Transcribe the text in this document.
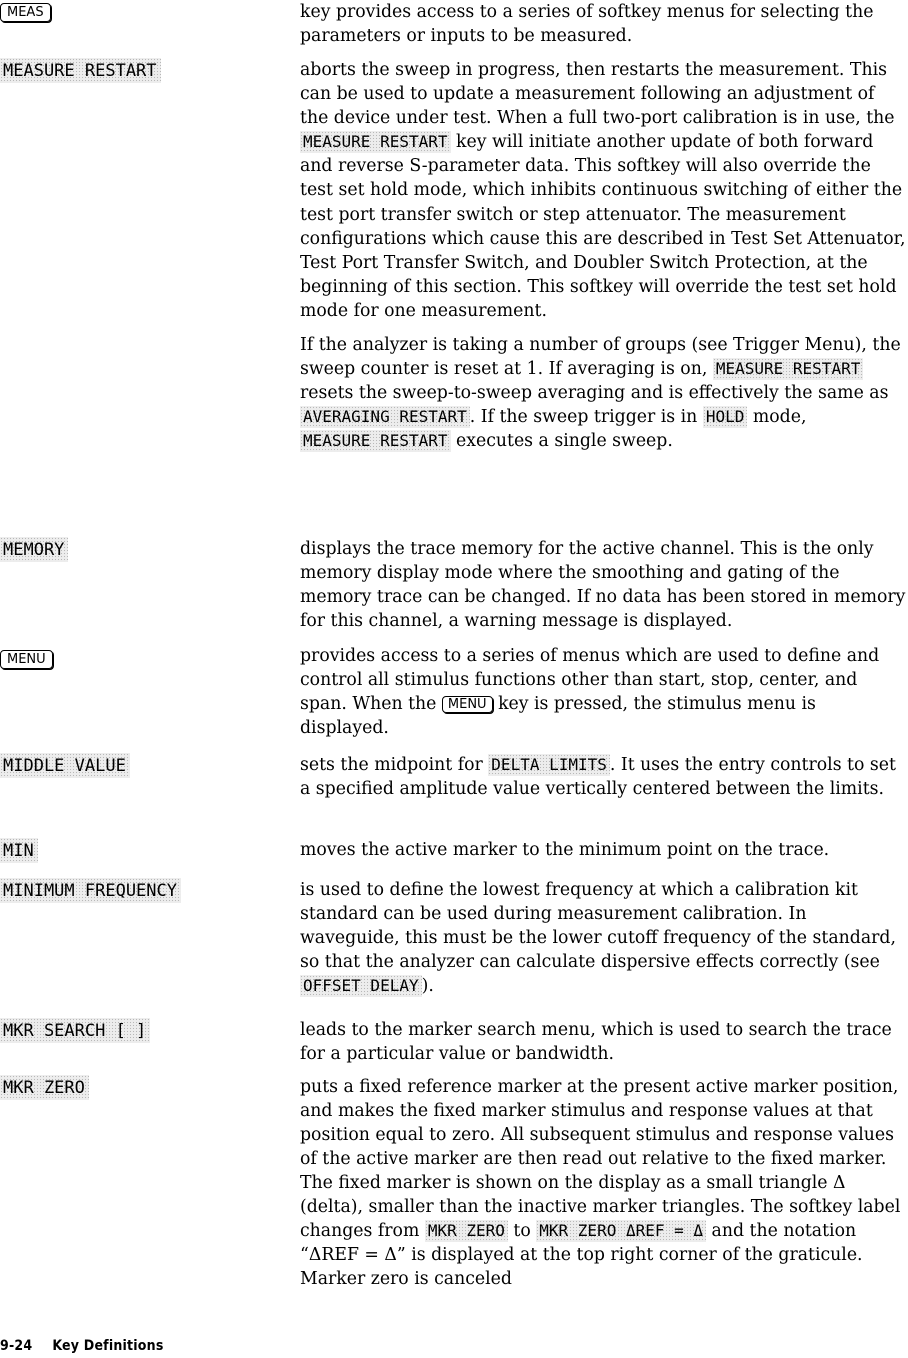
MEAS	key provides access to a series of softkey menus for selecting the parameters or inputs to be measured.

MEASURE RESTART	aborts the sweep in progress, then restarts the measurement. This can be used to update a measurement following an adjustment of the device under test. When a full two-port calibration is in use, the MEASURE RESTART key will initiate another update of both forward and reverse S-parameter data. This softkey will also override the test set hold mode, which inhibits continuous switching of either the test port transfer switch or step attenuator. The measurement configurations which cause this are described in Test Set Attenuator, Test Port Transfer Switch, and Doubler Switch Protection, at the beginning of this section. This softkey will override the test set hold mode for one measurement.

If the analyzer is taking a number of groups (see Trigger Menu), the sweep counter is reset at 1. If averaging is on, MEASURE RESTART resets the sweep-to-sweep averaging and is effectively the same as AVERAGING RESTART . If the sweep trigger is in HOLD mode, MEASURE RESTART executes a single sweep.

MEMORY	displays the trace memory for the active channel. This is the only memory display mode where the smoothing and gating of the memory trace can be changed. If no data has been stored in memory for this channel, a warning message is displayed.

MENU	provides access to a series of menus which are used to define and control all stimulus functions other than start, stop, center, and span. When the MENU key is pressed, the stimulus menu is displayed.

MIDDLE VALUE	sets the midpoint for DELTA LIMITS . It uses the entry controls to set a specified amplitude value vertically centered between the limits.

MIN	moves the active marker to the minimum point on the trace.

MINIMUM FREQUENCY	is used to define the lowest frequency at which a calibration kit standard can be used during measurement calibration. In waveguide, this must be the lower cutoff frequency of the standard, so that the analyzer can calculate dispersive effects correctly (see OFFSET DELAY ).

MKR SEARCH [ ]	leads to the marker search menu, which is used to search the trace for a particular value or bandwidth.

MKR ZERO	puts a fixed reference marker at the present active marker position, and makes the fixed marker stimulus and response values at that position equal to zero. All subsequent stimulus and response values of the active marker are then read out relative to the fixed marker. The fixed marker is shown on the display as a small triangle Δ (delta), smaller than the inactive marker triangles. The softkey label changes from MKR ZERO to MKR ZERO ΔREF = Δ and the notation “ΔREF = Δ” is displayed at the top right corner of the graticule. Marker zero is canceled

9-24 Key Definitions
